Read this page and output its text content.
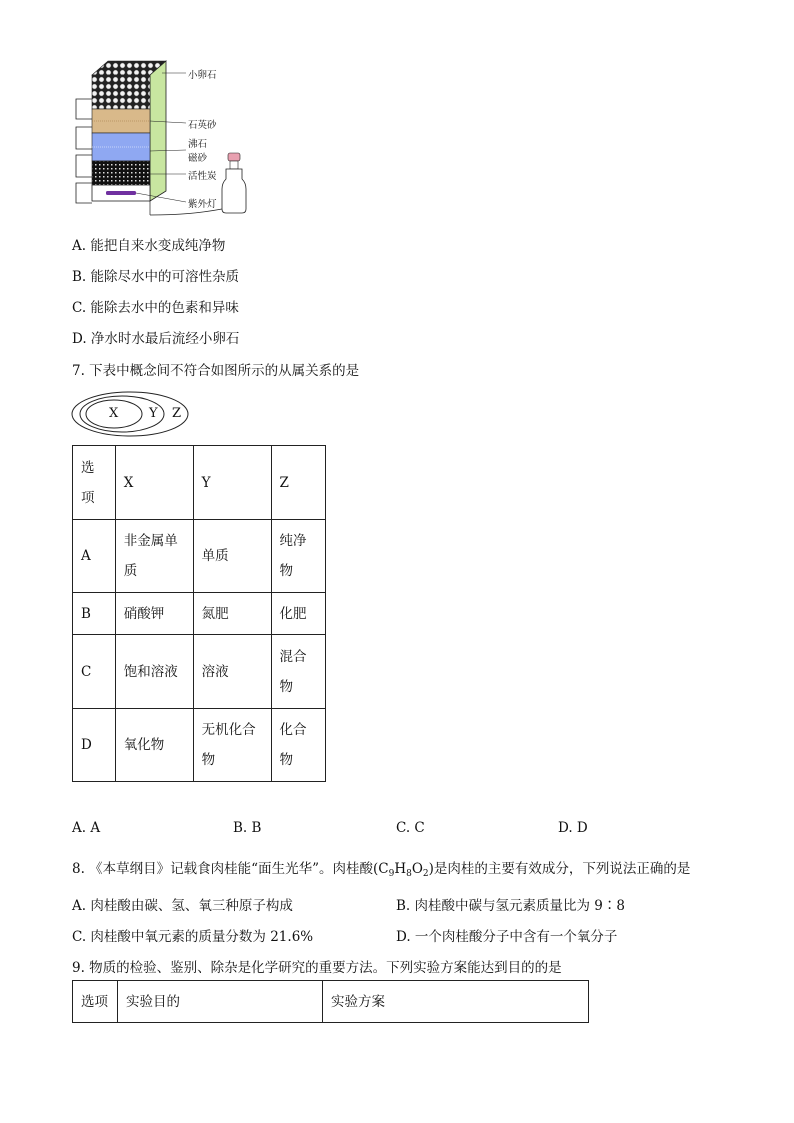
小卵石
石英砂
沸石
磁砂
活性炭
紫外灯
A. 能把自来水变成纯净物
B. 能除尽水中的可溶性杂质
C. 能除去水中的色素和异味
D. 净水时水最后流经小卵石
7. 下表中概念间不符合如图所示的从属关系的是
X Y Z
选项	X	Y	Z
A	非金属单质	单质	纯净物
B	硝酸钾	氮肥	化肥
C	饱和溶液	溶液	混合物
D	氧化物	无机化合物	化合物
A. A	B. B	C. C	D. D
8. 《本草纲目》记载食肉桂能“面生光华”。肉桂酸$(C_9H_8O_2)$是肉桂的主要有效成分，下列说法正确的是
A. 肉桂酸由碳、氢、氧三种原子构成	B. 肉桂酸中碳与氢元素质量比为 9∶8
C. 肉桂酸中氧元素的质量分数为 21.6%	D. 一个肉桂酸分子中含有一个氧分子
9. 物质的检验、鉴别、除杂是化学研究的重要方法。下列实验方案能达到目的的是
选项	实验目的	实验方案
